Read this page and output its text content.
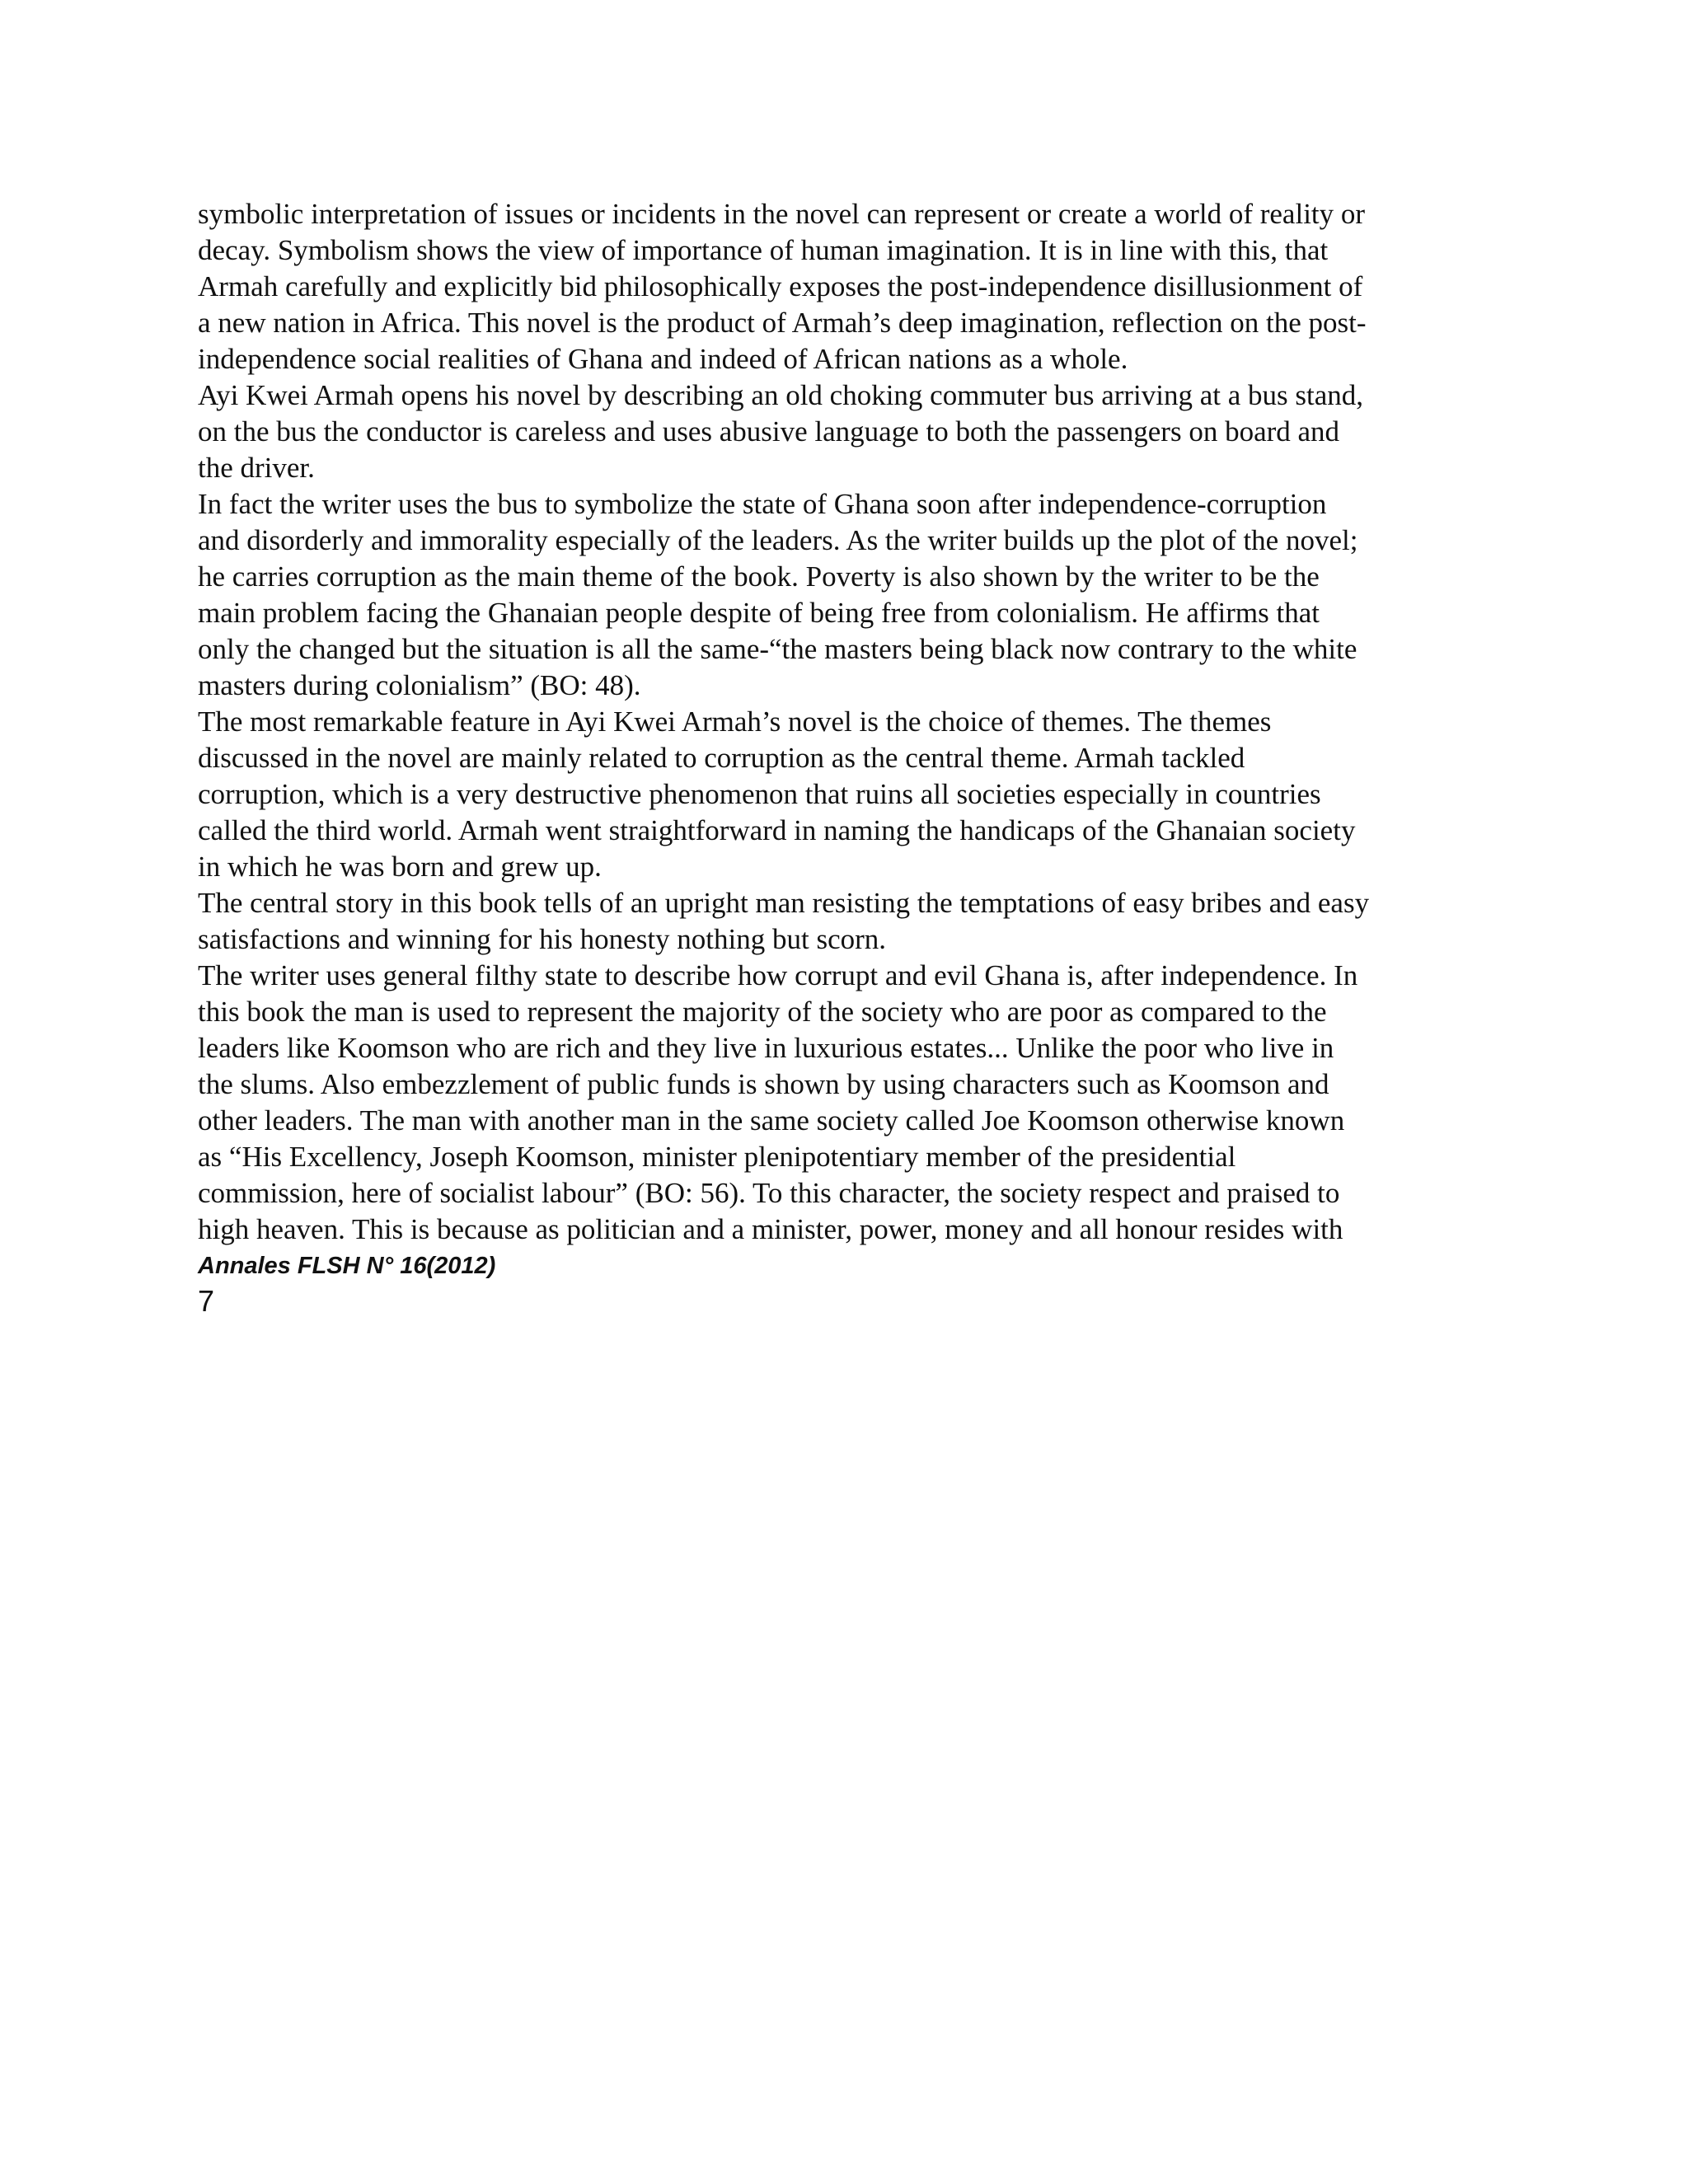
symbolic interpretation of issues or incidents in the novel can represent or create a world of reality or
decay. Symbolism shows the view of importance of human imagination. It is in line with this, that
Armah carefully and explicitly bid philosophically exposes the post-independence disillusionment of
a new nation in Africa. This novel is the product of Armah’s deep imagination, reflection on the post-
independence social realities of Ghana and indeed of African nations as a whole.
Ayi Kwei Armah opens his novel by describing an old choking commuter bus arriving at a bus stand,
on the bus the conductor is careless and uses abusive language to both the passengers on board and
the driver.
In fact the writer uses the bus to symbolize the state of Ghana soon after independence-corruption
and disorderly and immorality especially of the leaders. As the writer builds up the plot of the novel;
he carries corruption as the main theme of the book. Poverty is also shown by the writer to be the
main problem facing the Ghanaian people despite of being free from colonialism. He affirms that
only the changed but the situation is all the same-“the masters being black now contrary to the white
masters during colonialism” (BO: 48).
The most remarkable feature in Ayi Kwei Armah’s novel is the choice of themes. The themes
discussed in the novel are mainly related to corruption as the central theme. Armah tackled
corruption, which is a very destructive phenomenon that ruins all societies especially in countries
called the third world. Armah went straightforward in naming the handicaps of the Ghanaian society
in which he was born and grew up.
The central story in this book tells of an upright man resisting the temptations of easy bribes and easy
satisfactions and winning for his honesty nothing but scorn.
The writer uses general filthy state to describe how corrupt and evil Ghana is, after independence. In
this book the man is used to represent the majority of the society who are poor as compared to the
leaders like Koomson who are rich and they live in luxurious estates... Unlike the poor who live in
the slums. Also embezzlement of public funds is shown by using characters such as Koomson and
other leaders. The man with another man in the same society called Joe Koomson otherwise known
as “His Excellency, Joseph Koomson, minister plenipotentiary member of the presidential
commission, here of socialist labour” (BO: 56). To this character, the society respect and praised to
high heaven. This is because as politician and a minister, power, money and all honour resides with
Annales FLSH N° 16(2012)
7
